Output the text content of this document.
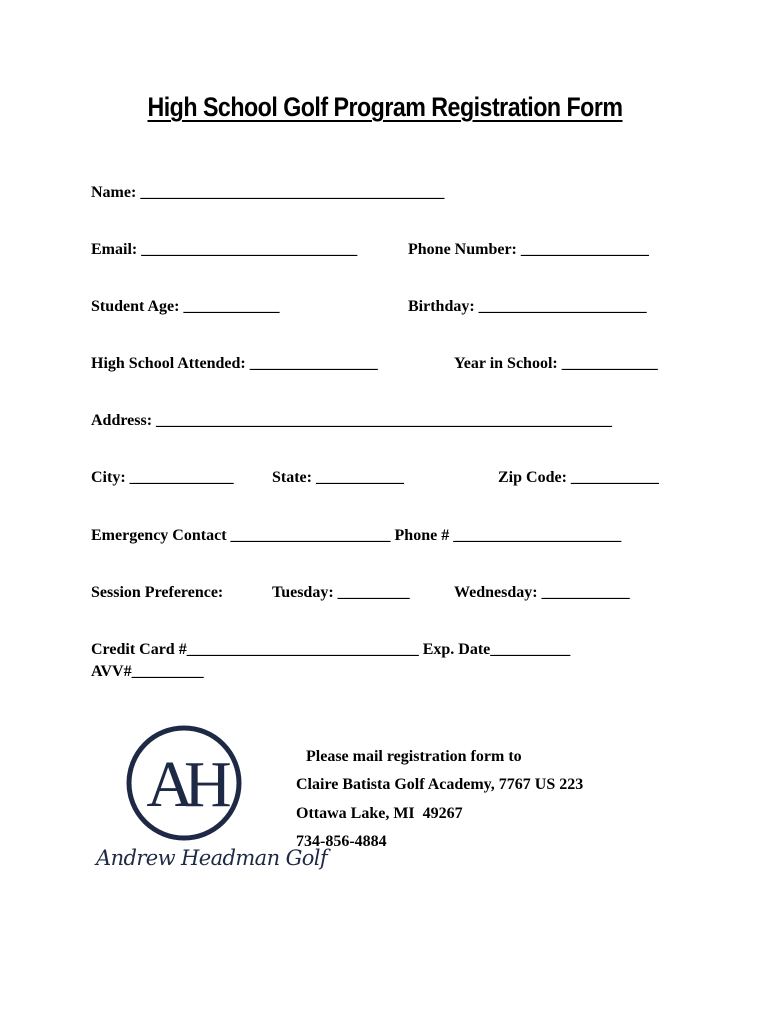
High School Golf Program Registration Form
Name: ______________________________________
Email: ___________________________	Phone Number: ________________
Student Age: ____________	Birthday: _____________________
High School Attended: ________________	Year in School: ____________
Address: _________________________________________________________
City: _____________ State: ___________	Zip Code: ___________
Emergency Contact ____________________ Phone # _____________________
Session Preference:	Tuesday: _________	Wednesday: ___________
Credit Card #_____________________________ Exp. Date__________
AVV#_________
AH
Andrew Headman Golf
Please mail registration form to
Claire Batista Golf Academy, 7767 US 223
Ottawa Lake, MI  49267
734-856-4884
